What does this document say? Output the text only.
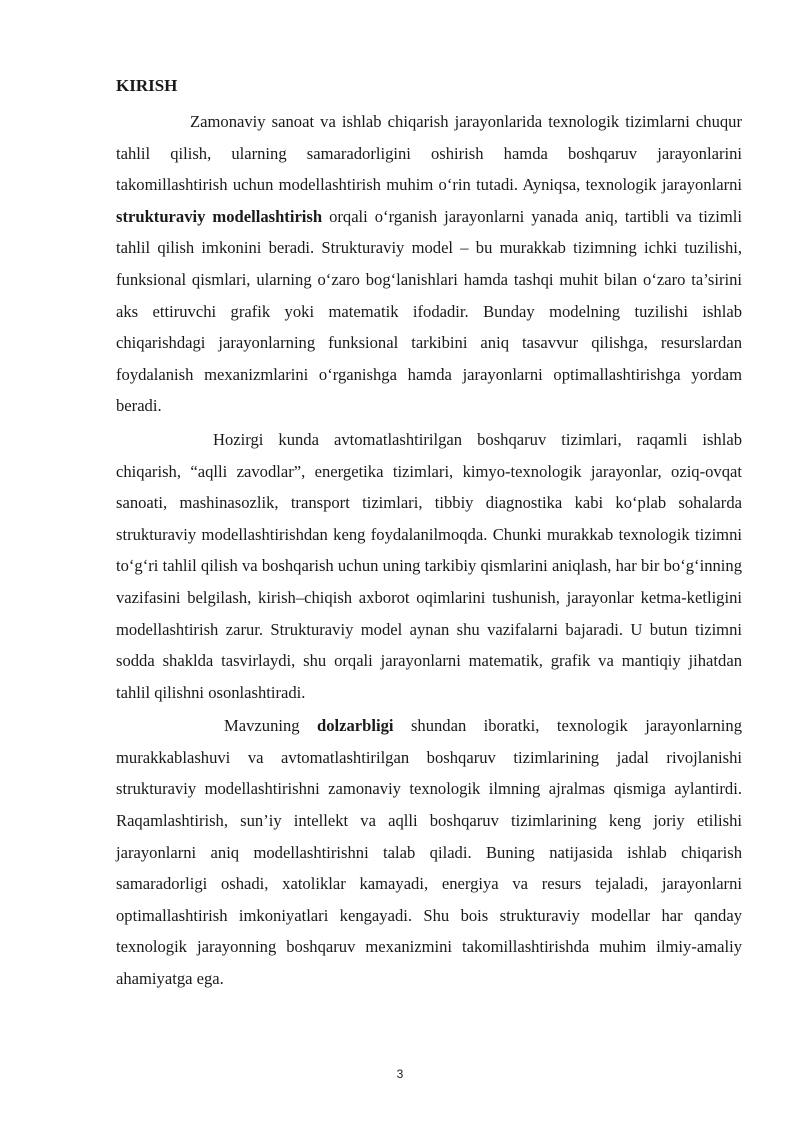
KIRISH

Zamonaviy sanoat va ishlab chiqarish jarayonlarida texnologik tizimlarni chuqur tahlil qilish, ularning samaradorligini oshirish hamda boshqaruv jarayonlarini takomillashtirish uchun modellashtirish muhim o‘rin tutadi. Ayniqsa, texnologik jarayonlarni strukturaviy modellashtirish orqali o‘rganish jarayonlarni yanada aniq, tartibli va tizimli tahlil qilish imkonini beradi. Strukturaviy model – bu murakkab tizimning ichki tuzilishi, funksional qismlari, ularning o‘zaro bog‘lanishlari hamda tashqi muhit bilan o‘zaro ta’sirini aks ettiruvchi grafik yoki matematik ifodadir. Bunday modelning tuzilishi ishlab chiqarishdagi jarayonlarning funksional tarkibini aniq tasavvur qilishga, resurslardan foydalanish mexanizmlarini o‘rganishga hamda jarayonlarni optimallashtirishga yordam beradi.

Hozirgi kunda avtomatlashtirilgan boshqaruv tizimlari, raqamli ishlab chiqarish, “aqlli zavodlar”, energetika tizimlari, kimyo-texnologik jarayonlar, oziq-ovqat sanoati, mashinasozlik, transport tizimlari, tibbiy diagnostika kabi ko‘plab sohalarda strukturaviy modellashtirishdan keng foydalanilmoqda. Chunki murakkab texnologik tizimni to‘g‘ri tahlil qilish va boshqarish uchun uning tarkibiy qismlarini aniqlash, har bir bo‘g‘inning vazifasini belgilash, kirish–chiqish axborot oqimlarini tushunish, jarayonlar ketma-ketligini modellashtirish zarur. Strukturaviy model aynan shu vazifalarni bajaradi. U butun tizimni sodda shaklda tasvirlaydi, shu orqali jarayonlarni matematik, grafik va mantiqiy jihatdan tahlil qilishni osonlashtiradi.

Mavzuning dolzarbligi shundan iboratki, texnologik jarayonlarning murakkablashuvi va avtomatlashtirilgan boshqaruv tizimlarining jadal rivojlanishi strukturaviy modellashtirishni zamonaviy texnologik ilmning ajralmas qismiga aylantirdi. Raqamlashtirish, sun’iy intellekt va aqlli boshqaruv tizimlarining keng joriy etilishi jarayonlarni aniq modellashtirishni talab qiladi. Buning natijasida ishlab chiqarish samaradorligi oshadi, xatoliklar kamayadi, energiya va resurs tejaladi, jarayonlarni optimallashtirish imkoniyatlari kengayadi. Shu bois strukturaviy modellar har qanday texnologik jarayonning boshqaruv mexanizmini takomillashtirishda muhim ilmiy-amaliy ahamiyatga ega.

3
